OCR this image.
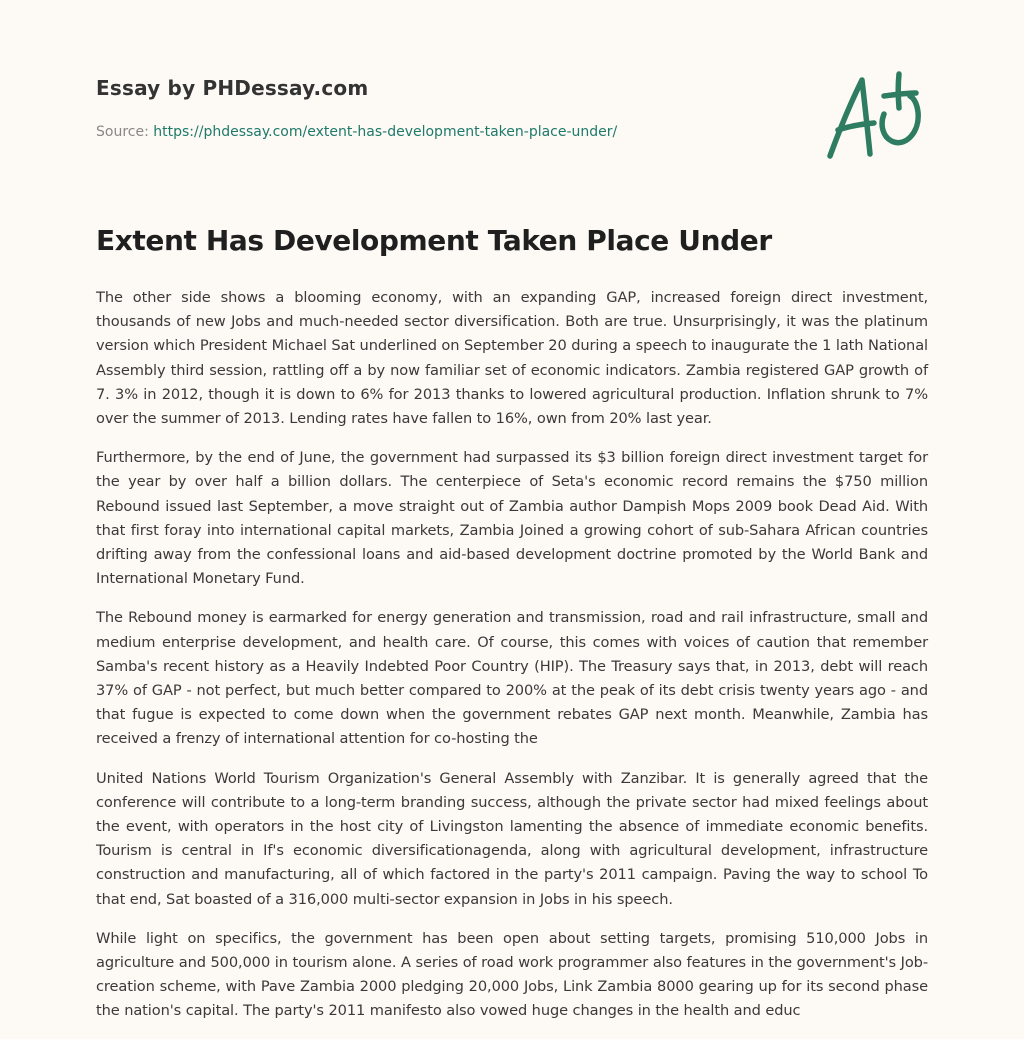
Essay by PHDessay.com
Source: https://phdessay.com/extent-has-development-taken-place-under/
Extent Has Development Taken Place Under

The other side shows a blooming economy, with an expanding GAP, increased foreign direct investment, thousands of new Jobs and much-needed sector diversification. Both are true. Unsurprisingly, it was the platinum version which President Michael Sat underlined on September 20 during a speech to inaugurate the 1 lath National Assembly third session, rattling off a by now familiar set of economic indicators. Zambia registered GAP growth of 7. 3% in 2012, though it is down to 6% for 2013 thanks to lowered agricultural production. Inflation shrunk to 7% over the summer of 2013. Lending rates have fallen to 16%, own from 20% last year.

Furthermore, by the end of June, the government had surpassed its $3 billion foreign direct investment target for the year by over half a billion dollars. The centerpiece of Seta's economic record remains the $750 million Rebound issued last September, a move straight out of Zambia author Dampish Mops 2009 book Dead Aid. With that first foray into international capital markets, Zambia Joined a growing cohort of sub-Sahara African countries drifting away from the confessional loans and aid-based development doctrine promoted by the World Bank and International Monetary Fund.

The Rebound money is earmarked for energy generation and transmission, road and rail infrastructure, small and medium enterprise development, and health care. Of course, this comes with voices of caution that remember Samba's recent history as a Heavily Indebted Poor Country (HIP). The Treasury says that, in 2013, debt will reach 37% of GAP - not perfect, but much better compared to 200% at the peak of its debt crisis twenty years ago - and that fugue is expected to come down when the government rebates GAP next month. Meanwhile, Zambia has received a frenzy of international attention for co-hosting the

United Nations World Tourism Organization's General Assembly with Zanzibar. It is generally agreed that the conference will contribute to a long-term branding success, although the private sector had mixed feelings about the event, with operators in the host city of Livingston lamenting the absence of immediate economic benefits. Tourism is central in If's economic diversificationagenda, along with agricultural development, infrastructure construction and manufacturing, all of which factored in the party's 2011 campaign. Paving the way to school To that end, Sat boasted of a 316,000 multi-sector expansion in Jobs in his speech.

While light on specifics, the government has been open about setting targets, promising 510,000 Jobs in agriculture and 500,000 in tourism alone. A series of road work programmer also features in the government's Job-creation scheme, with Pave Zambia 2000 pledging 20,000 Jobs, Link Zambia 8000 gearing up for its second phase the nation's capital. The party's 2011 manifesto also vowed huge changes in the health and educ
